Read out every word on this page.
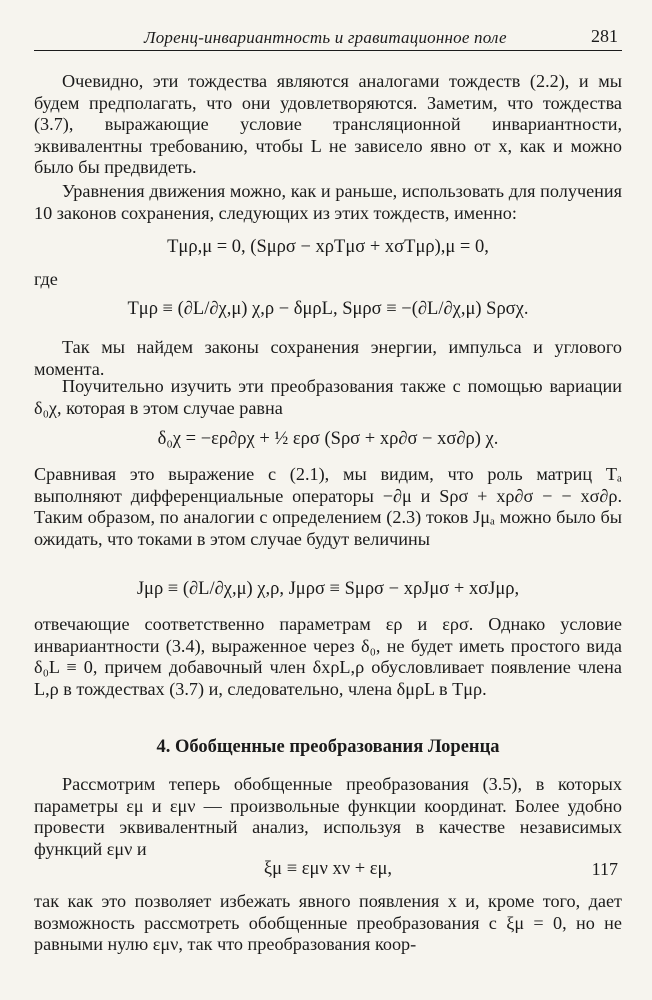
Лоренц-инвариантность и гравитационное поле	281

Очевидно, эти тождества являются аналогами тождеств (2.2), и мы будем предполагать, что они удовлетворяются. Заметим, что тождества (3.7), выражающие условие трансляционной инвариантности, эквивалентны требованию, чтобы L не зависело явно от x, как и можно было бы предвидеть.

Уравнения движения можно, как и раньше, использовать для получения 10 законов сохранения, следующих из этих тождеств, именно:

Tμρ,μ = 0, (Sμρσ − xρTμσ + xσTμρ),μ = 0,
где
Tμρ ≡ (∂L/∂χ,μ) χ,ρ − δμρL, Sμρσ ≡ −(∂L/∂χ,μ) Sρσχ.

Так мы найдем законы сохранения энергии, импульса и углового момента.

Поучительно изучить эти преобразования также с помощью вариации δ₀χ, которая в этом случае равна

δ₀χ = −ερ∂ρχ + ½ ερσ (Sρσ + xρ∂σ − xσ∂ρ) χ.

Сравнивая это выражение с (2.1), мы видим, что роль матриц Tₐ выполняют дифференциальные операторы −∂μ и Sρσ + xρ∂σ − − xσ∂ρ. Таким образом, по аналогии с определением (2.3) токов Jμₐ можно было бы ожидать, что токами в этом случае будут величины

Jμρ ≡ (∂L/∂χ,μ) χ,ρ, Jμρσ ≡ Sμρσ − xρJμσ + xσJμρ,

отвечающие соответственно параметрам ερ и ερσ. Однако условие инвариантности (3.4), выраженное через δ₀, не будет иметь простого вида δ₀L ≡ 0, причем добавочный член δxρL,ρ обусловливает появление члена L,ρ в тождествах (3.7) и, следовательно, члена δμρL в Tμρ.

4. Обобщенные преобразования Лоренца

Рассмотрим теперь обобщенные преобразования (3.5), в которых параметры εμ и εμν — произвольные функции координат. Более удобно провести эквивалентный анализ, используя в качестве независимых функций εμν и

ξμ ≡ εμν xν + εμ,	117

так как это позволяет избежать явного появления x и, кроме того, дает возможность рассмотреть обобщенные преобразования с ξμ = 0, но не равными нулю εμν, так что преобразования коор-
